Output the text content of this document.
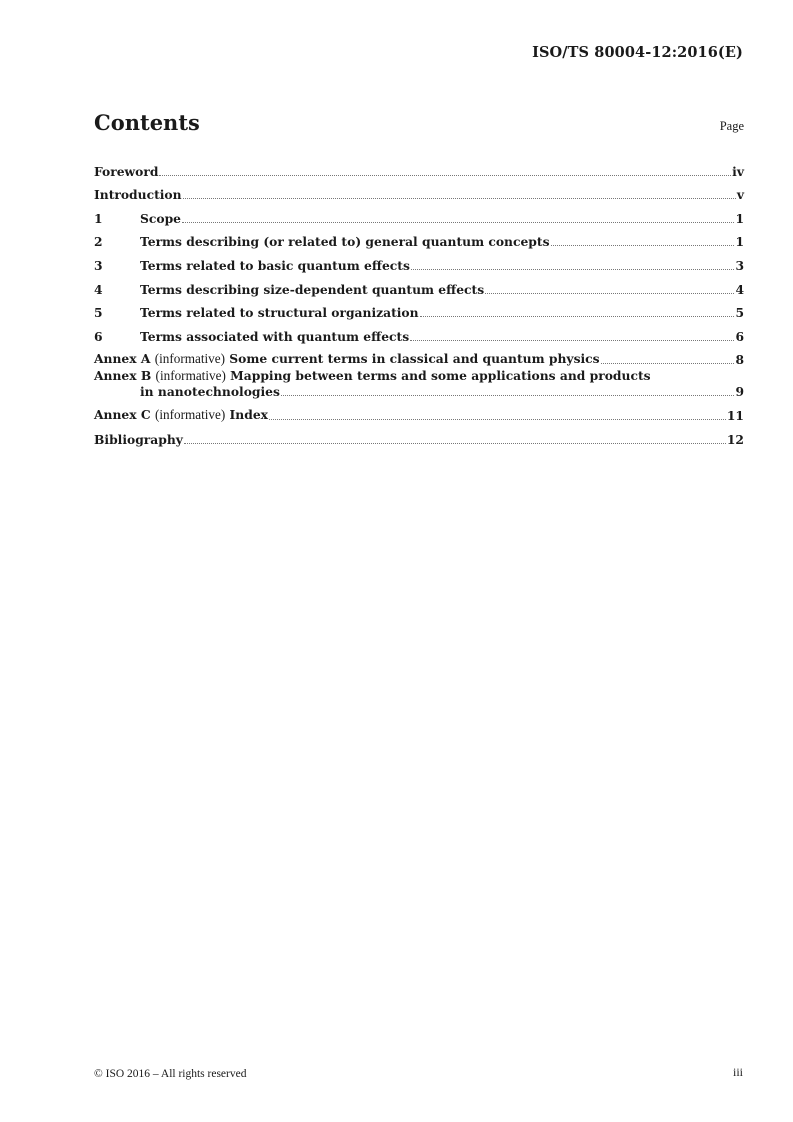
ISO/TS 80004-12:2016(E)
Contents	Page
Foreword	iv
Introduction	v
1	Scope	1
2	Terms describing (or related to) general quantum concepts	1
3	Terms related to basic quantum effects	3
4	Terms describing size-dependent quantum effects	4
5	Terms related to structural organization	5
6	Terms associated with quantum effects	6
Annex A (informative) Some current terms in classical and quantum physics	8
Annex B (informative) Mapping between terms and some applications and products
in nanotechnologies	9
Annex C (informative) Index	11
Bibliography	12
© ISO 2016 – All rights reserved	iii
